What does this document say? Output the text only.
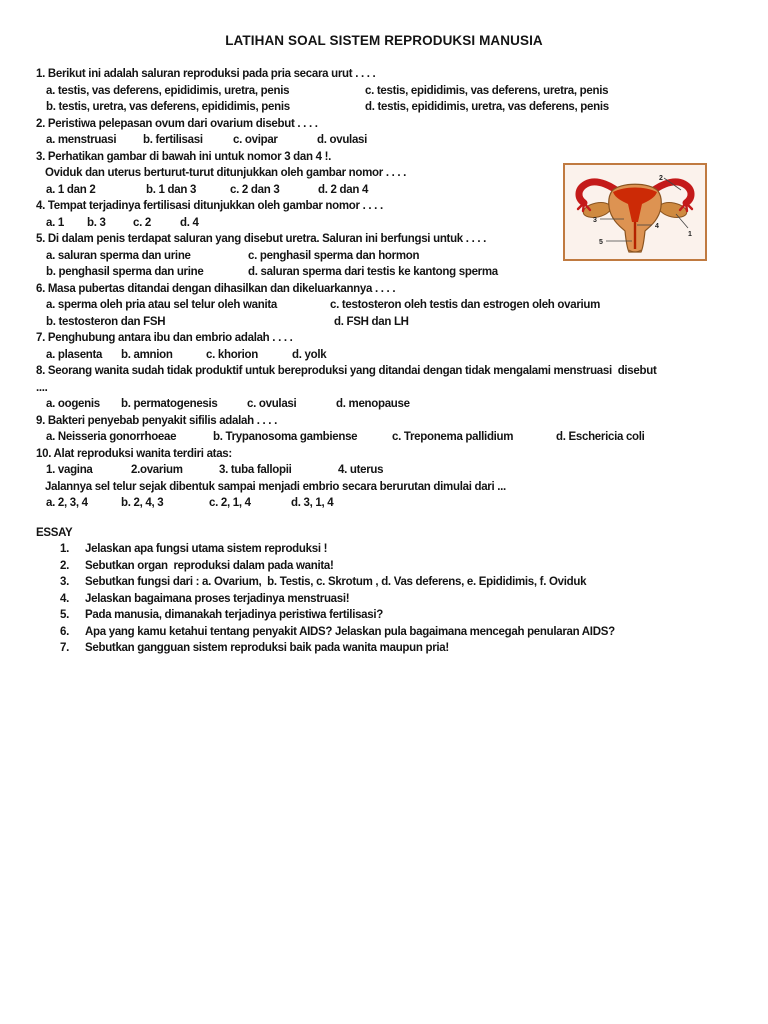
LATIHAN SOAL SISTEM REPRODUKSI MANUSIA
1. Berikut ini adalah saluran reproduksi pada pria secara urut . . . .

a. testis, vas deferens, epididimis, uretra, penis

	c. testis, epididimis, vas deferens, uretra, penis

b. testis, uretra, vas deferens, epididimis, penis

	d. testis, epididimis, uretra, vas deferens, penis

2. Peristiwa pelepasan ovum dari ovarium disebut . . . .

a. menstruasi

b. fertilisasi

	c. ovipar

	d. ovulasi

3. Perhatikan gambar di bawah ini untuk nomor 3 dan 4 !.
Oviduk dan uterus berturut-turut ditunjukkan oleh gambar nomor . . . .

a. 1 dan 2

	b. 1 dan 3

	c. 2 dan 3

	d. 2 dan 4

4. Tempat terjadinya fertilisasi ditunjukkan oleh gambar nomor . . . .

a. 1

b. 3

c. 2

	d. 4

5. Di dalam penis terdapat saluran yang disebut uretra. Saluran ini berfungsi untuk . . . .

a. saluran sperma dan urine

	c. penghasil sperma dan hormon

b. penghasil sperma dan urine

	d. saluran sperma dari testis ke kantong sperma

6. Masa pubertas ditandai dengan dihasilkan dan dikeluarkannya . . . .

a. sperma oleh pria atau sel telur oleh wanita

	c. testosteron oleh testis dan estrogen oleh ovarium

b. testosteron dan FSH

	d. FSH dan LH

7. Penghubung antara ibu dan embrio adalah . . . .

a. plasenta

b. amnion

	c. khorion

	d. yolk

8. Seorang wanita sudah tidak produktif untuk bereproduksi yang ditandai dengan tidak mengalami menstruasi  disebut
....

a. oogenis

b. permatogenesis

	c. ovulasi

	d. menopause

9. Bakteri penyebab penyakit sifilis adalah . . . .

a. Neisseria gonorrhoeae

	b. Trypanosoma gambiense

	c. Treponema pallidium

	d. Eschericia coli

10. Alat reproduksi wanita terdiri atas:

1. vagina

	2.ovarium

	3. tuba fallopii

	4. uterus

Jalannya sel telur sejak dibentuk sampai menjadi embrio secara berurutan dimulai dari ...

a. 2, 3, 4

	b. 2, 4, 3

	c. 2, 1, 4

	d. 3, 1, 4

ESSAY
1.	Jelaskan apa fungsi utama sistem reproduksi !
2.	Sebutkan organ  reproduksi dalam pada wanita!
3.	Sebutkan fungsi dari : a. Ovarium,  b. Testis, c. Skrotum , d. Vas deferens, e. Epididimis, f. Oviduk
4.	Jelaskan bagaimana proses terjadinya menstruasi!
5.	Pada manusia, dimanakah terjadinya peristiwa fertilisasi?
6.	Apa yang kamu ketahui tentang penyakit AIDS? Jelaskan pula bagaimana mencegah penularan AIDS?
7.	Sebutkan gangguan sistem reproduksi baik pada wanita maupun pria!
2
1
3
4
5
